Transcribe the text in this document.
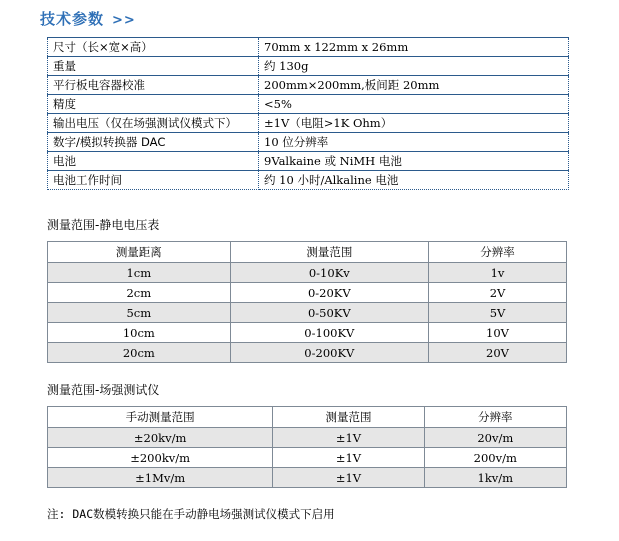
技术参数 >>
尺寸（长×宽×高）	70mm x 122mm x 26mm
重量	约 130g
平行板电容器校准	200mm×200mm,板间距 20mm
精度	<5%
输出电压（仅在场强测试仪模式下）	±1V（电阻>1K Ohm）
数字/模拟转换器 DAC	10 位分辨率
电池	9Valkaine 或 NiMH 电池
电池工作时间	约 10 小时/Alkaline 电池
测量范围-静电电压表
测量距离	测量范围	分辨率
1cm	0-10Kv	1v
2cm	0-20KV	2V
5cm	0-50KV	5V
10cm	0-100KV	10V
20cm	0-200KV	20V
测量范围-场强测试仪
手动测量范围	测量范围	分辨率
±20kv/m	±1V	20v/m
±200kv/m	±1V	200v/m
±1Mv/m	±1V	1kv/m
注: DAC数模转换只能在手动静电场强测试仪模式下启用
